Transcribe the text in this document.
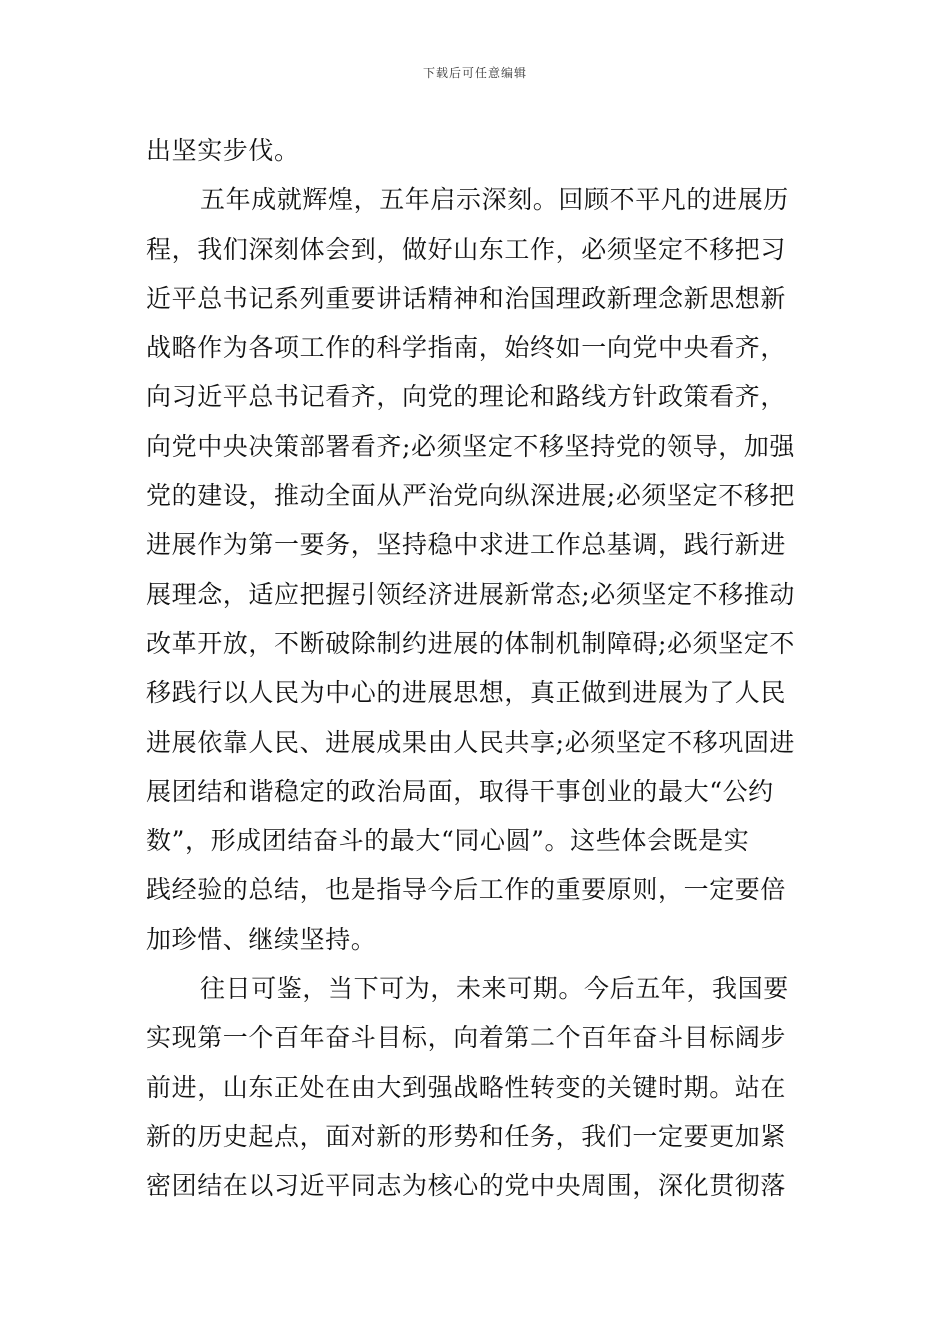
下载后可任意编辑
出坚实步伐。
五年成就辉煌，五年启示深刻。回顾不平凡的进展历
程，我们深刻体会到，做好山东工作，必须坚定不移把习
近平总书记系列重要讲话精神和治国理政新理念新思想新
战略作为各项工作的科学指南，始终如一向党中央看齐，
向习近平总书记看齐，向党的理论和路线方针政策看齐，
向党中央决策部署看齐;必须坚定不移坚持党的领导，加强
党的建设，推动全面从严治党向纵深进展;必须坚定不移把
进展作为第一要务，坚持稳中求进工作总基调，践行新进
展理念，适应把握引领经济进展新常态;必须坚定不移推动
改革开放，不断破除制约进展的体制机制障碍;必须坚定不
移践行以人民为中心的进展思想，真正做到进展为了人民
进展依靠人民、进展成果由人民共享;必须坚定不移巩固进
展团结和谐稳定的政治局面，取得干事创业的最大“公约
数”，形成团结奋斗的最大“同心圆”。这些体会既是实
践经验的总结，也是指导今后工作的重要原则，一定要倍
加珍惜、继续坚持。
往日可鉴，当下可为，未来可期。今后五年，我国要
实现第一个百年奋斗目标，向着第二个百年奋斗目标阔步
前进，山东正处在由大到强战略性转变的关键时期。站在
新的历史起点，面对新的形势和任务，我们一定要更加紧
密团结在以习近平同志为核心的党中央周围，深化贯彻落
